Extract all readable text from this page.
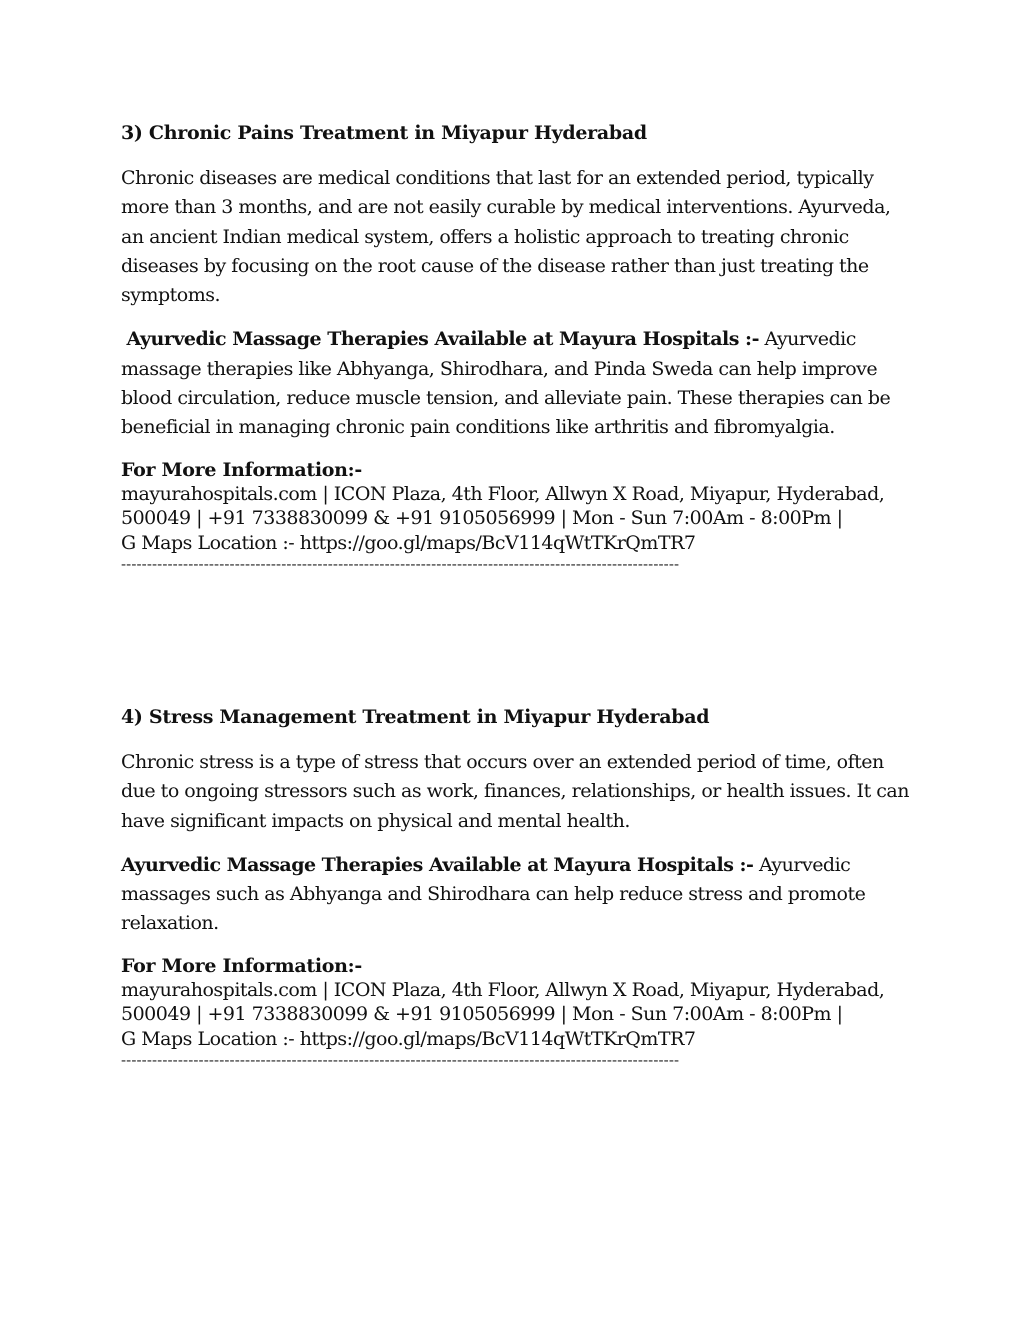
3) Chronic Pains Treatment in Miyapur Hyderabad

Chronic diseases are medical conditions that last for an extended period, typically more than 3 months, and are not easily curable by medical interventions. Ayurveda, an ancient Indian medical system, offers a holistic approach to treating chronic diseases by focusing on the root cause of the disease rather than just treating the symptoms.

Ayurvedic Massage Therapies Available at Mayura Hospitals :- Ayurvedic massage therapies like Abhyanga, Shirodhara, and Pinda Sweda can help improve blood circulation, reduce muscle tension, and alleviate pain. These therapies can be beneficial in managing chronic pain conditions like arthritis and fibromyalgia.

For More Information:-

mayurahospitals.com | ICON Plaza, 4th Floor, Allwyn X Road, Miyapur, Hyderabad,

500049 | +91 7338830099 & +91 9105056999 | Mon - Sun 7:00Am - 8:00Pm |

G Maps Location :- https://goo.gl/maps/BcV114qWtTKrQmTR7

------------------------------------------------------------------------------------------------------------

4) Stress Management Treatment in Miyapur Hyderabad

Chronic stress is a type of stress that occurs over an extended period of time, often due to ongoing stressors such as work, finances, relationships, or health issues. It can have significant impacts on physical and mental health.

Ayurvedic Massage Therapies Available at Mayura Hospitals :- Ayurvedic massages such as Abhyanga and Shirodhara can help reduce stress and promote relaxation.

For More Information:-

mayurahospitals.com | ICON Plaza, 4th Floor, Allwyn X Road, Miyapur, Hyderabad,

500049 | +91 7338830099 & +91 9105056999 | Mon - Sun 7:00Am - 8:00Pm |

G Maps Location :- https://goo.gl/maps/BcV114qWtTKrQmTR7

------------------------------------------------------------------------------------------------------------
